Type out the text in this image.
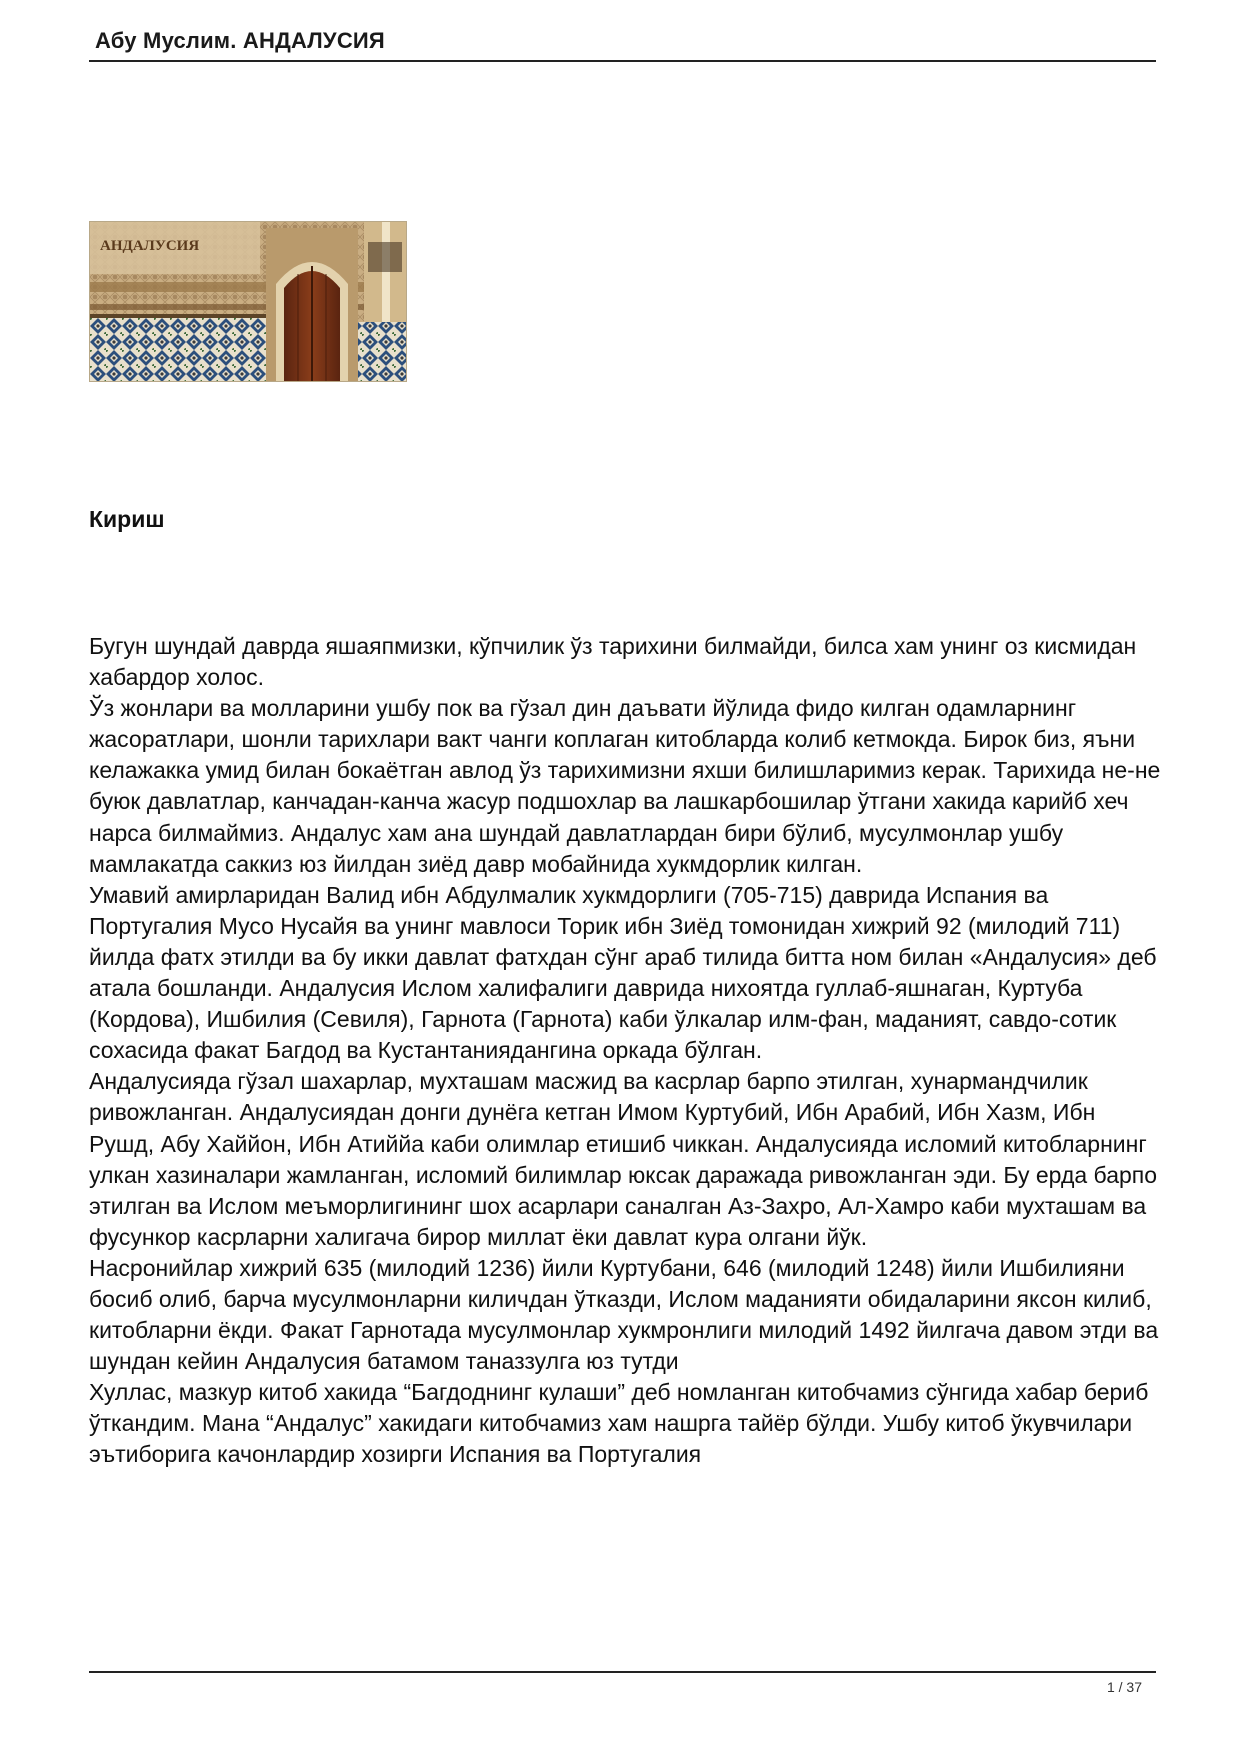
Абу Муслим. АНДАЛУСИЯ
АНДАЛУСИЯ
Кириш

Бугун шундай даврда яшаяпмизки, кўпчилик ўз тарихини билмайди, билса хам унинг оз кисмидан хабардор холос.

Ўз жонлари ва молларини ушбу пок ва гўзал дин даъвати йўлида фидо килган одамларнинг жасоратлари, шонли тарихлари вакт чанги коплаган китобларда колиб кетмокда. Бирок биз, яъни келажакка умид билан бокаётган авлод ўз тарихимизни яхши билишларимиз керак. Тарихида не-не буюк давлатлар, канчадан-канча жасур подшохлар ва лашкарбошилар ўтгани хакида карийб хеч нарса билмаймиз. Андалус хам ана шундай давлатлардан бири бўлиб, мусулмонлар ушбу мамлакатда саккиз юз йилдан зиёд давр мобайнида хукмдорлик килган.

Умавий амирларидан Валид ибн Абдулмалик хукмдорлиги (705-715) даврида Испания ва Португалия Мусо Нусайя ва унинг мавлоси Торик ибн Зиёд томонидан хижрий 92 (милодий 711) йилда фатх этилди ва бу икки давлат фатхдан сўнг араб тилида битта ном билан «Андалусия» деб атала бошланди. Андалусия Ислом халифалиги даврида нихоятда гуллаб-яшнаган, Куртуба (Кордова), Ишбилия (Севиля), Гарнота (Гарнота) каби ўлкалар илм-фан, маданият, савдо-сотик сохасида факат Багдод ва Кустантаниядангина оркада бўлган.

Андалусияда гўзал шахарлар, мухташам масжид ва касрлар барпо этилган, хунармандчилик ривожланган. Андалусиядан донги дунёга кетган Имом Куртубий, Ибн Арабий, Ибн Хазм, Ибн Рушд, Абу Хаййон, Ибн Атиййа каби олимлар етишиб чиккан. Андалусияда исломий китобларнинг улкан хазиналари жамланган, исломий билимлар юксак даражада ривожланган эди. Бу ерда барпо этилган ва Ислом меъморлигининг шох асарлари саналган Аз-Захро, Ал-Хамро каби мухташам ва фусункор касрларни халигача бирор миллат ёки давлат кура олгани йўк.

Насронийлар хижрий 635 (милодий 1236) йили Куртубани, 646 (милодий 1248) йили Ишбилияни босиб олиб, барча мусулмонларни киличдан ўтказди, Ислом маданияти обидаларини яксон килиб, китобларни ёкди. Факат Гарнотада мусулмонлар хукмронлиги милодий 1492 йилгача давом этди ва шундан кейин Андалусия батамом таназзулга юз тутди

Хуллас, мазкур китоб хакида “Багдоднинг кулаши” деб номланган китобчамиз сўнгида хабар бериб ўткандим. Мана “Андалус” хакидаги китобчамиз хам нашрга тайёр бўлди. Ушбу китоб ўкувчилари эътиборига качонлардир хозирги Испания ва Португалия

1 / 37
